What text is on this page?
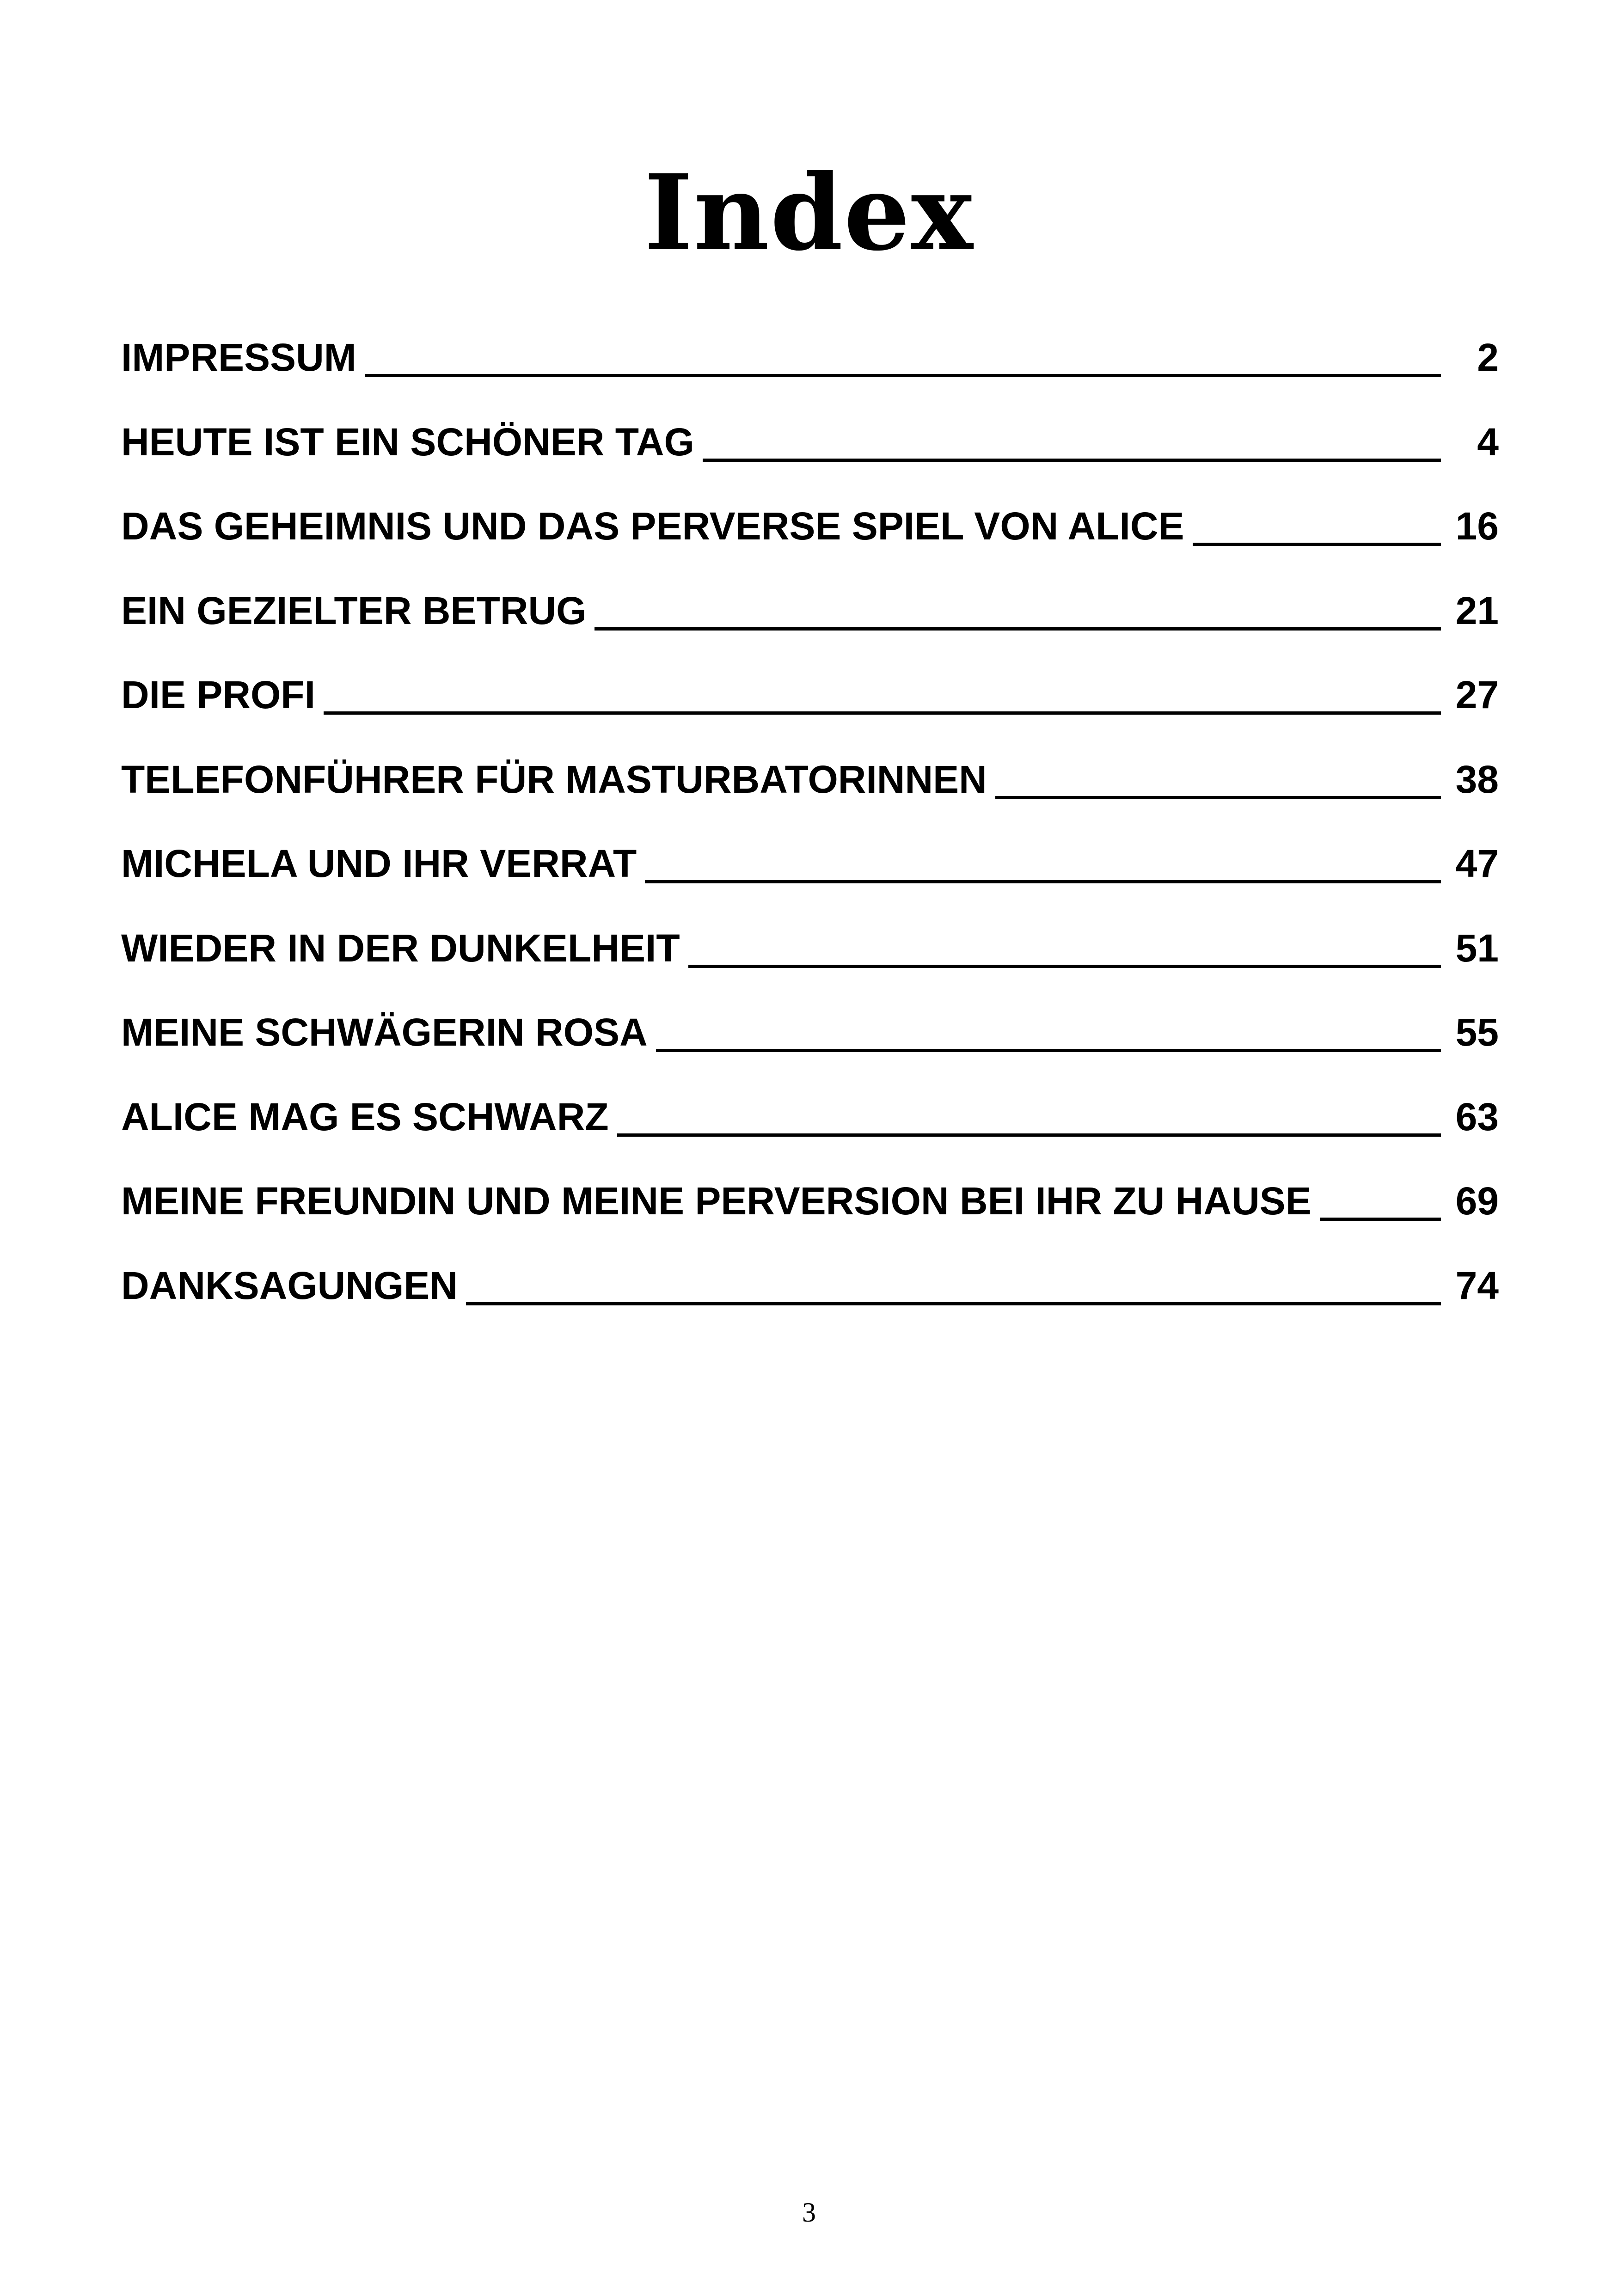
Index
IMPRESSUM	2
HEUTE IST EIN SCHÖNER TAG	4
DAS GEHEIMNIS UND DAS PERVERSE SPIEL VON ALICE	16
EIN GEZIELTER BETRUG	21
DIE PROFI	27
TELEFONFÜHRER FÜR MASTURBATORINNEN	38
MICHELA UND IHR VERRAT	47
WIEDER IN DER DUNKELHEIT	51
MEINE SCHWÄGERIN ROSA	55
ALICE MAG ES SCHWARZ	63
MEINE FREUNDIN UND MEINE PERVERSION BEI IHR ZU HAUSE	69
DANKSAGUNGEN	74
3
